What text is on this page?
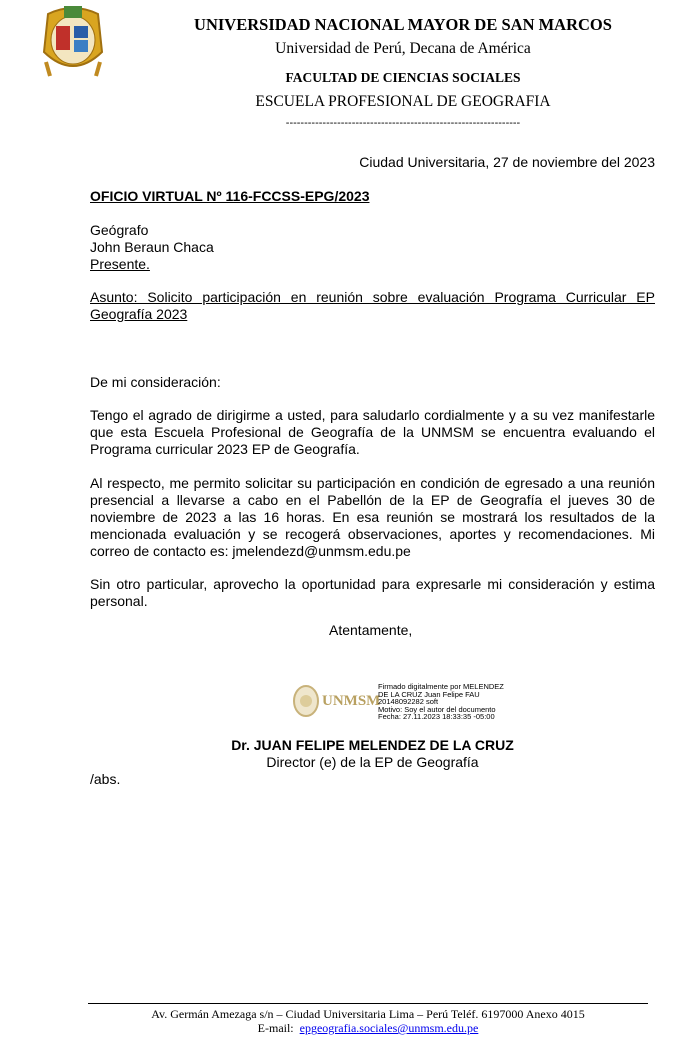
UNIVERSIDAD NACIONAL MAYOR DE SAN MARCOS
Universidad de Perú, Decana de América
FACULTAD DE CIENCIAS SOCIALES
ESCUELA PROFESIONAL DE GEOGRAFIA
----------------------------------------------------------------
Ciudad Universitaria, 27 de noviembre del 2023
OFICIO VIRTUAL Nº 116-FCCSS-EPG/2023
Geógrafo
John Beraun Chaca
Presente.
Asunto: Solicito participación en reunión sobre evaluación Programa Curricular EP Geografía 2023
De mi consideración:
Tengo el agrado de dirigirme a usted, para saludarlo cordialmente y a su vez manifestarle que esta Escuela Profesional de Geografía de la UNMSM se encuentra evaluando el Programa curricular 2023 EP de Geografía.
Al respecto, me permito solicitar su participación en condición de egresado a una reunión presencial a llevarse a cabo en el Pabellón de la EP de Geografía el jueves 30 de noviembre de 2023 a las 16 horas. En esa reunión se mostrará los resultados de la mencionada evaluación y se recogerá observaciones, aportes y recomendaciones. Mi correo de contacto es: jmelendezd@unmsm.edu.pe
Sin otro particular, aprovecho la oportunidad para expresarle mi consideración y estima personal.
Atentamente,
UNMSM
Firmado digitalmente por MELENDEZ
DE LA CRUZ Juan Felipe FAU
20148092282 soft
Motivo: Soy el autor del documento
Fecha: 27.11.2023 18:33:35 -05:00
Dr. JUAN FELIPE MELENDEZ DE LA CRUZ
Director (e) de la EP de Geografía
/abs.
Av. Germán Amezaga s/n – Ciudad Universitaria Lima – Perú Teléf. 6197000 Anexo 4015
E-mail: epgeografia.sociales@unmsm.edu.pe
